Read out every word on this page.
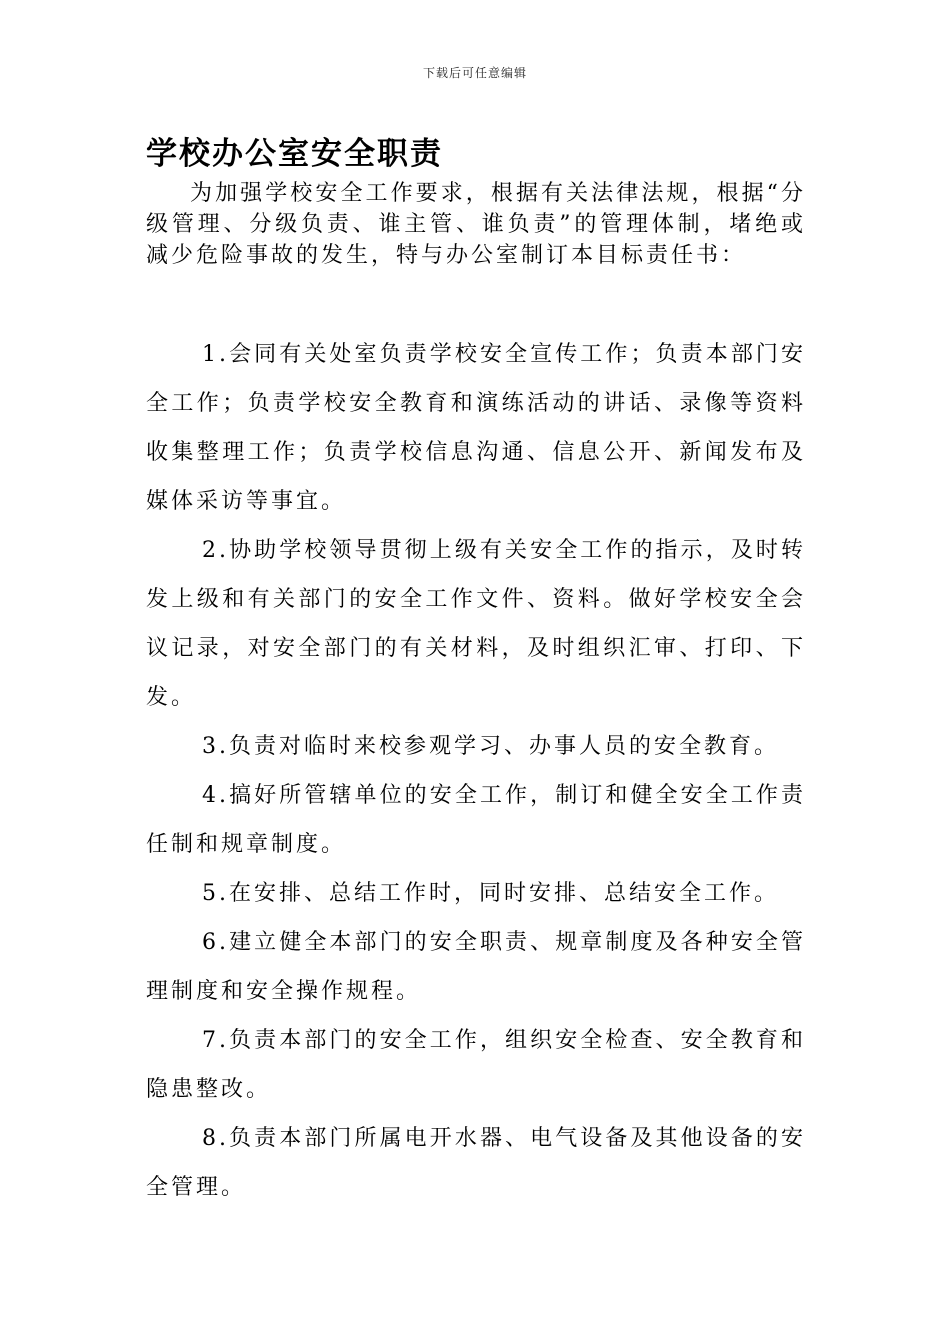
下载后可任意编辑
学校办公室安全职责

为加强学校安全工作要求，根据有关法律法规，根据“分级管理、分级负责、谁主管、谁负责”的管理体制，堵绝或减少危险事故的发生，特与办公室制订本目标责任书：

1.会同有关处室负责学校安全宣传工作；负责本部门安全工作；负责学校安全教育和演练活动的讲话、录像等资料收集整理工作；负责学校信息沟通、信息公开、新闻发布及媒体采访等事宜。

2.协助学校领导贯彻上级有关安全工作的指示，及时转发上级和有关部门的安全工作文件、资料。做好学校安全会议记录，对安全部门的有关材料，及时组织汇审、打印、下发。

3.负责对临时来校参观学习、办事人员的安全教育。

4.搞好所管辖单位的安全工作，制订和健全安全工作责任制和规章制度。

5.在安排、总结工作时，同时安排、总结安全工作。

6.建立健全本部门的安全职责、规章制度及各种安全管理制度和安全操作规程。

7.负责本部门的安全工作，组织安全检查、安全教育和隐患整改。

8.负责本部门所属电开水器、电气设备及其他设备的安全管理。
